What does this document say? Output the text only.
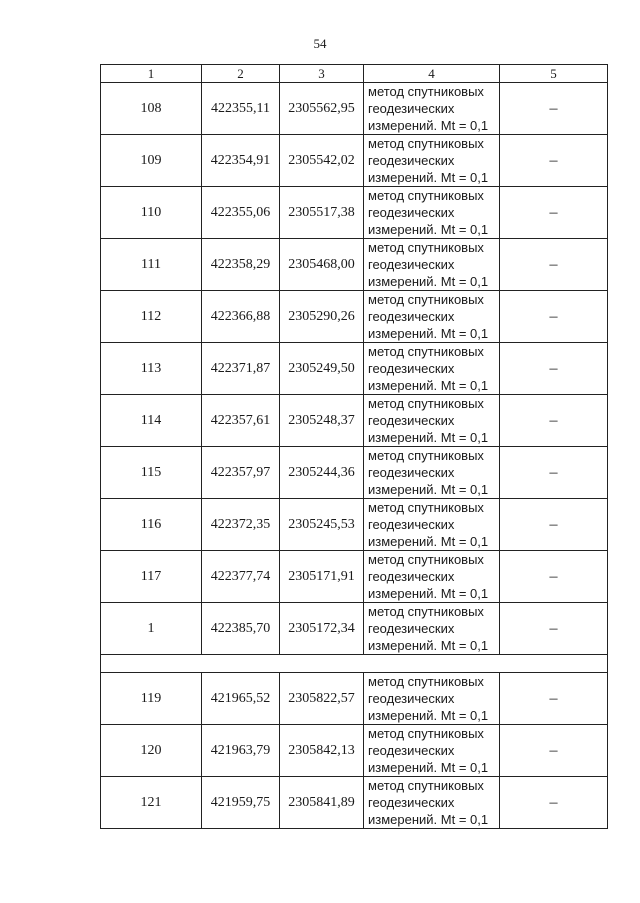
54
1	2	3	4	5
108	422355,11	2305562,95	метод спутниковых
геодезических
измерений. Mt = 0,1	–
109	422354,91	2305542,02	метод спутниковых
геодезических
измерений. Mt = 0,1	–
110	422355,06	2305517,38	метод спутниковых
геодезических
измерений. Mt = 0,1	–
111	422358,29	2305468,00	метод спутниковых
геодезических
измерений. Mt = 0,1	–
112	422366,88	2305290,26	метод спутниковых
геодезических
измерений. Mt = 0,1	–
113	422371,87	2305249,50	метод спутниковых
геодезических
измерений. Mt = 0,1	–
114	422357,61	2305248,37	метод спутниковых
геодезических
измерений. Mt = 0,1	–
115	422357,97	2305244,36	метод спутниковых
геодезических
измерений. Mt = 0,1	–
116	422372,35	2305245,53	метод спутниковых
геодезических
измерений. Mt = 0,1	–
117	422377,74	2305171,91	метод спутниковых
геодезических
измерений. Mt = 0,1	–
1	422385,70	2305172,34	метод спутниковых
геодезических
измерений. Mt = 0,1	–

119	421965,52	2305822,57	метод спутниковых
геодезических
измерений. Mt = 0,1	–
120	421963,79	2305842,13	метод спутниковых
геодезических
измерений. Mt = 0,1	–
121	421959,75	2305841,89	метод спутниковых
геодезических
измерений. Mt = 0,1	–
